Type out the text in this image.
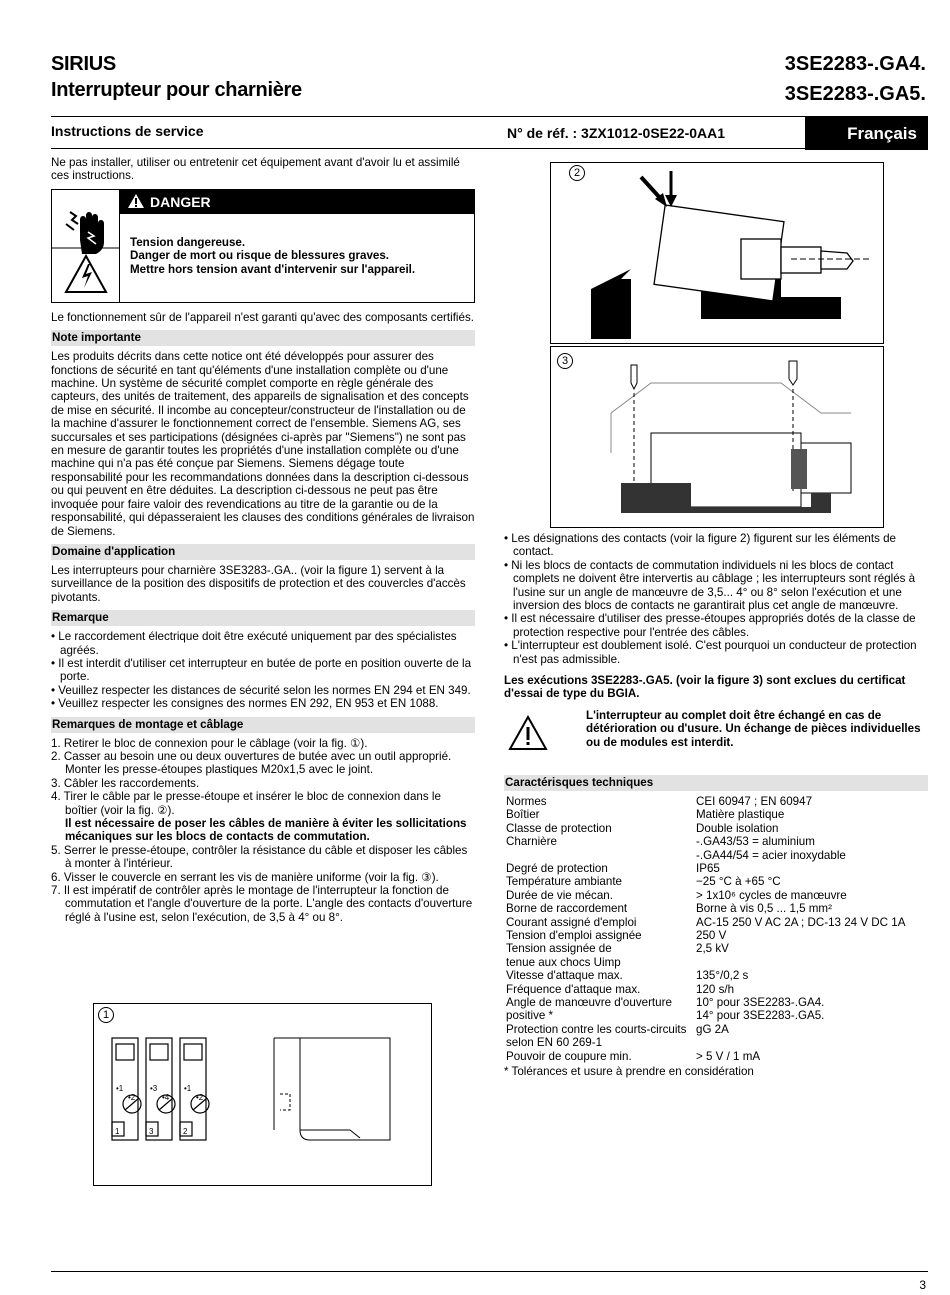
SIRIUS
Interrupteur pour charnière
3SE2283-.GA4.
3SE2283-.GA5.
Instructions de service	N° de réf. : 3ZX1012-0SE22-0AA1	Français

Ne pas installer, utiliser ou entretenir cet équipement avant d'avoir lu et assimilé ces instructions.

DANGER
Tension dangereuse.
Danger de mort ou risque de blessures graves.
Mettre hors tension avant d'intervenir sur l'appareil.

Le fonctionnement sûr de l'appareil n'est garanti qu'avec des composants certifiés.

Note importante

Les produits décrits dans cette notice ont été développés pour assurer des fonctions de sécurité en tant qu'éléments d'une installation complète ou d'une machine. Un système de sécurité complet comporte en règle générale des capteurs, des unités de traitement, des appareils de signalisation et des concepts de mise en sécurité. Il incombe au concepteur/constructeur de l'installation ou de la machine d'assurer le fonctionnement correct de l'ensemble. Siemens AG, ses succursales et ses participations (désignées ci-après par "Siemens") ne sont pas en mesure de garantir toutes les propriétés d'une installation complète ou d'une machine qui n'a pas été conçue par Siemens. Siemens dégage toute responsabilité pour les recommandations données dans la description ci-dessous ou qui peuvent en être déduites. La description ci-dessous ne peut pas être invoquée pour faire valoir des revendications au titre de la garantie ou de la responsabilité, qui dépasseraient les clauses des conditions générales de livraison de Siemens.

Domaine d'application

Les interrupteurs pour charnière 3SE3283-.GA.. (voir la figure 1) servent à la surveillance de la position des dispositifs de protection et des couvercles d'accès pivotants.

Remarque
• Le raccordement électrique doit être exécuté uniquement par des spécialistes agréés.
• Il est interdit d'utiliser cet interrupteur en butée de porte en position ouverte de la porte.
• Veuillez respecter les distances de sécurité selon les normes EN 294 et EN 349.
• Veuillez respecter les consignes des normes EN 292, EN 953 et EN 1088.
Remarques de montage et câblage
1. Retirer le bloc de connexion pour le câblage (voir la fig. ①).
2. Casser au besoin une ou deux ouvertures de butée avec un outil approprié. Monter les presse-étoupes plastiques M20x1,5 avec le joint.
3. Câbler les raccordements.
4. Tirer le câble par le presse-étoupe et insérer le bloc de connexion dans le boîtier (voir la fig. ②).
Il est nécessaire de poser les câbles de manière à éviter les sollicitations mécaniques sur les blocs de contacts de commutation.
5. Serrer le presse-étoupe, contrôler la résistance du câble et disposer les câbles à monter à l'intérieur.
6. Visser le couvercle en serrant les vis de manière uniforme (voir la fig. ③).
7. Il est impératif de contrôler après le montage de l'interrupteur la fonction de commutation et l'angle d'ouverture de la porte. L'angle des contacts d'ouverture réglé à l'usine est, selon l'exécution, de 3,5 à 4° ou 8°.
1
•1	•3	•1
•2	•4	•2
1	3	2
2
3
• Les désignations des contacts (voir la figure 2) figurent sur les éléments de contact.
• Ni les blocs de contacts de commutation individuels ni les blocs de contact complets ne doivent être intervertis au câblage ; les interrupteurs sont réglés à l'usine sur un angle de manœuvre de 3,5... 4° ou 8° selon l'exécution et une inversion des blocs de contacts ne garantirait plus cet angle de manœuvre.
• Il est nécessaire d'utiliser des presse-étoupes appropriés dotés de la classe de protection respective pour l'entrée des câbles.
• L'interrupteur est doublement isolé. C'est pourquoi un conducteur de protection n'est pas admissible.

Les exécutions 3SE2283-.GA5. (voir la figure 3) sont exclues du certificat d'essai de type du BGIA.

L'interrupteur au complet doit être échangé en cas de détérioration ou d'usure. Un échange de pièces individuelles ou de modules est interdit.
Caractérisques techniques
Normes	CEI 60947 ; EN 60947
Boîtier	Matière plastique
Classe de protection	Double isolation
Charnière	-.GA43/53 = aluminium
-.GA44/54 = acier inoxydable
Degré de protection	IP65
Température ambiante	−25 °C à +65 °C
Durée de vie mécan.	> 1x10⁶ cycles de manœuvre
Borne de raccordement	Borne à vis 0,5 ... 1,5 mm²
Courant assigné d'emploi	AC-15 250 V AC 2A ; DC-13 24 V DC 1A
Tension d'emploi assignée	250 V
Tension assignée de
tenue aux chocs Uimp	2,5 kV
Vitesse d'attaque max.	135°/0,2 s
Fréquence d'attaque max.	120 s/h
Angle de manœuvre d'ouverture
positive *	10° pour 3SE2283-.GA4.
14° pour 3SE2283-.GA5.
Protection contre les courts-circuits
selon EN 60 269-1	gG 2A
Pouvoir de coupure min.	> 5 V / 1 mA

* Tolérances et usure à prendre en considération

3
